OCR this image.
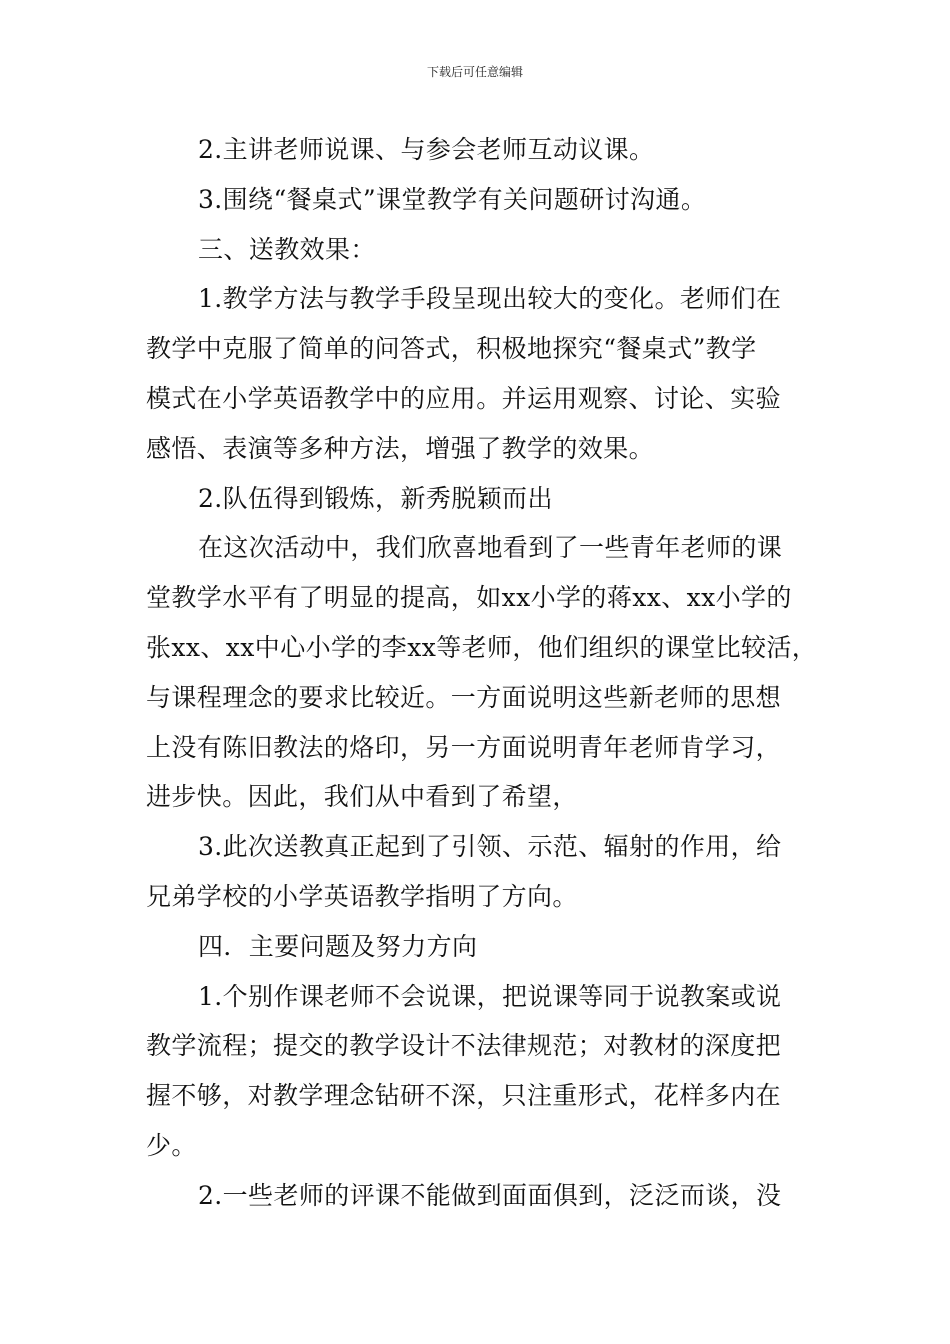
下载后可任意编辑
2.主讲老师说课、与参会老师互动议课。
3.围绕“餐桌式”课堂教学有关问题研讨沟通。
三、送教效果：
1.教学方法与教学手段呈现出较大的变化。老师们在
教学中克服了简单的问答式，积极地探究“餐桌式”教学
模式在小学英语教学中的应用。并运用观察、讨论、实验
感悟、表演等多种方法，增强了教学的效果。
2.队伍得到锻炼，新秀脱颖而出
在这次活动中，我们欣喜地看到了一些青年老师的课
堂教学水平有了明显的提高，如xx小学的蒋xx、xx小学的
张xx、xx中心小学的李xx等老师，他们组织的课堂比较活，
与课程理念的要求比较近。一方面说明这些新老师的思想
上没有陈旧教法的烙印，另一方面说明青年老师肯学习，
进步快。因此，我们从中看到了希望，
3.此次送教真正起到了引领、示范、辐射的作用，给
兄弟学校的小学英语教学指明了方向。
四．主要问题及努力方向
1.个别作课老师不会说课，把说课等同于说教案或说
教学流程；提交的教学设计不法律规范；对教材的深度把
握不够，对教学理念钻研不深，只注重形式，花样多内在
少。
2.一些老师的评课不能做到面面俱到，泛泛而谈，没
